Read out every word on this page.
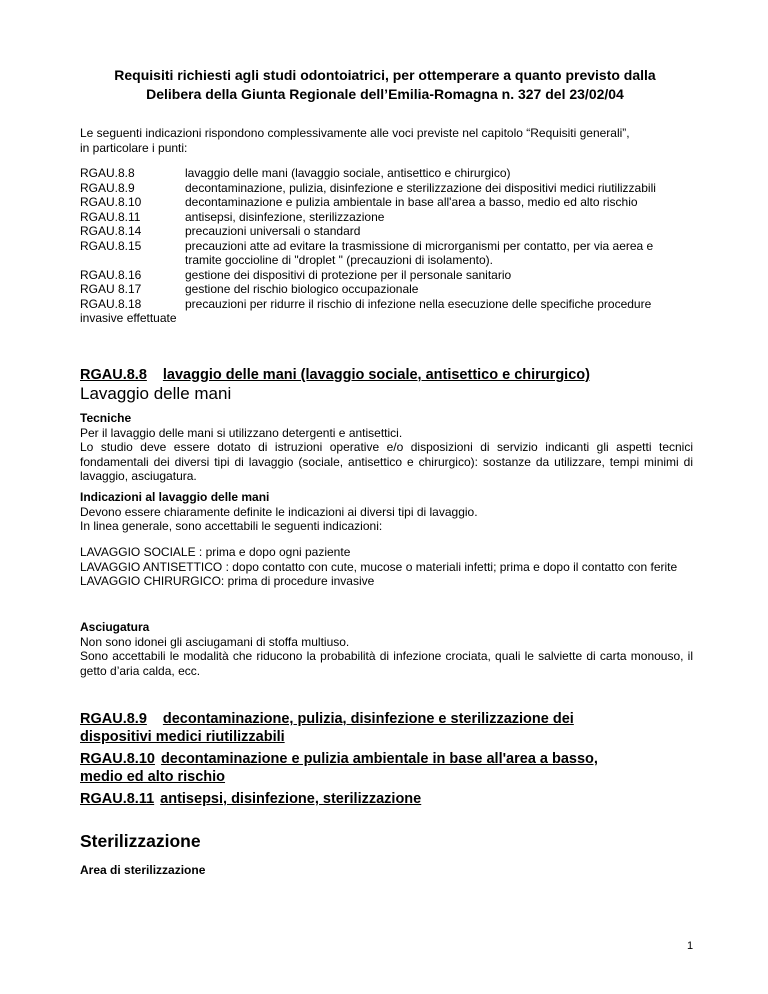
Requisiti richiesti agli studi odontoiatrici, per ottemperare a quanto previsto dalla
Delibera della Giunta Regionale dell’Emilia-Romagna n. 327 del 23/02/04
Le seguenti indicazioni rispondono complessivamente alle voci previste nel capitolo “Requisiti generali”,
in particolare i punti:
RGAU.8.8	lavaggio delle mani (lavaggio sociale, antisettico e chirurgico)
RGAU.8.9	decontaminazione, pulizia, disinfezione e sterilizzazione dei dispositivi medici riutilizzabili
RGAU.8.10	decontaminazione e pulizia ambientale in base all'area a basso, medio ed alto rischio
RGAU.8.11	antisepsi, disinfezione, sterilizzazione
RGAU.8.14	precauzioni universali o standard
RGAU.8.15	precauzioni atte ad evitare la trasmissione di microrganismi per contatto, per via aerea e
tramite goccioline di "droplet " (precauzioni di isolamento).
RGAU.8.16	gestione dei dispositivi di protezione per il personale sanitario
RGAU 8.17	gestione del rischio biologico occupazionale
RGAU.8.18	precauzioni per ridurre il rischio di infezione nella esecuzione delle specifiche procedure
invasive effettuate
RGAU.8.8 lavaggio delle mani (lavaggio sociale, antisettico e chirurgico)
Lavaggio delle mani
Tecniche
Per il lavaggio delle mani si utilizzano detergenti e antisettici.
Lo studio deve essere dotato di istruzioni operative e/o disposizioni di servizio indicanti gli aspetti tecnici fondamentali dei diversi tipi di lavaggio (sociale, antisettico e chirurgico): sostanze da utilizzare, tempi minimi di lavaggio, asciugatura.
Indicazioni al lavaggio delle mani
Devono essere chiaramente definite le indicazioni ai diversi tipi di lavaggio.
In linea generale, sono accettabili le seguenti indicazioni:
LAVAGGIO SOCIALE : prima e dopo ogni paziente
LAVAGGIO ANTISETTICO : dopo contatto con cute, mucose o materiali infetti; prima e dopo il contatto con ferite
LAVAGGIO CHIRURGICO: prima di procedure invasive
Asciugatura
Non sono idonei gli asciugamani di stoffa multiuso.
Sono accettabili le modalità che riducono la probabilità di infezione crociata, quali le salviette di carta monouso, il getto d’aria calda, ecc.
RGAU.8.9 decontaminazione, pulizia, disinfezione e sterilizzazione dei
dispositivi medici riutilizzabili
RGAU.8.10 decontaminazione e pulizia ambientale in base all'area a basso,
medio ed alto rischio
RGAU.8.11 antisepsi, disinfezione, sterilizzazione
Sterilizzazione
Area di sterilizzazione
1
